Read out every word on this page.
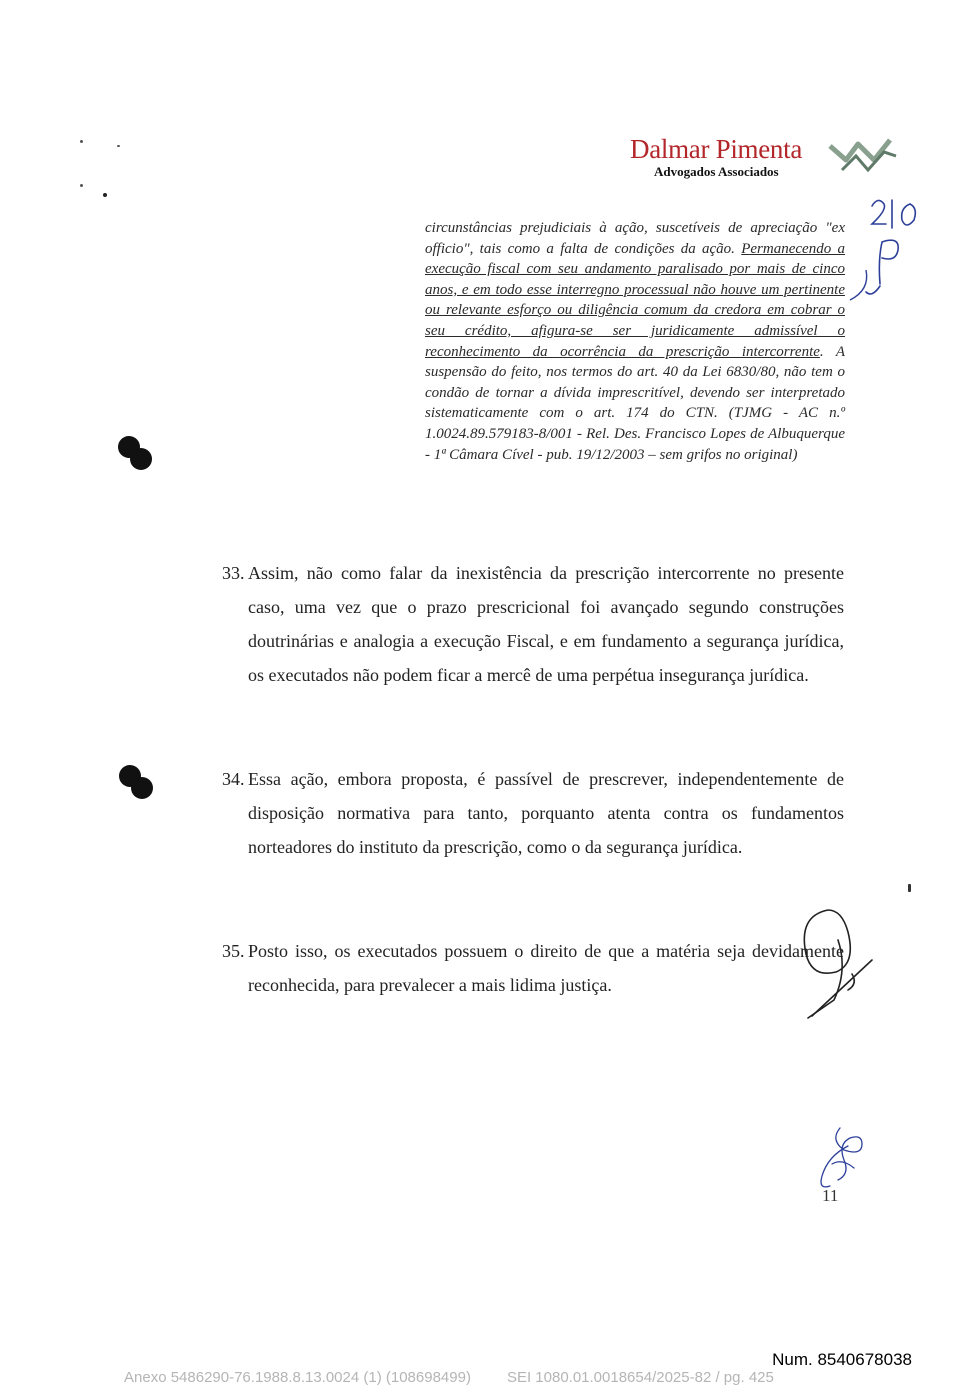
Dalmar Pimenta
Advogados Associados
circunstâncias prejudiciais à ação, suscetíveis de apreciação "ex officio", tais como a falta de condições da ação. Permanecendo a execução fiscal com seu andamento paralisado por mais de cinco anos, e em todo esse interregno processual não houve um pertinente ou relevante esforço ou diligência comum da credora em cobrar o seu crédito, afigura-se ser juridicamente admissível o reconhecimento da ocorrência da prescrição intercorrente. A suspensão do feito, nos termos do art. 40 da Lei 6830/80, não tem o condão de tornar a dívida imprescritível, devendo ser interpretado sistematicamente com o art. 174 do CTN. (TJMG - AC n.º 1.0024.89.579183-8/001 - Rel. Des. Francisco Lopes de Albuquerque - 1ª Câmara Cível - pub. 19/12/2003 – sem grifos no original)
33. Assim, não como falar da inexistência da prescrição intercorrente no presente caso, uma vez que o prazo prescricional foi avançado segundo construções doutrinárias e analogia a execução Fiscal, e em fundamento a segurança jurídica, os executados não podem ficar a mercê de uma perpétua insegurança jurídica.
34. Essa ação, embora proposta, é passível de prescrever, independentemente de disposição normativa para tanto, porquanto atenta contra os fundamentos norteadores do instituto da prescrição, como o da segurança jurídica.
35. Posto isso, os executados possuem o direito de que a matéria seja devidamente reconhecida, para prevalecer a mais lidima justiça.
11
Num. 8540678038
Anexo 5486290-76.1988.8.13.0024 (1) (108698499) SEI 1080.01.0018654/2025-82 / pg. 425
